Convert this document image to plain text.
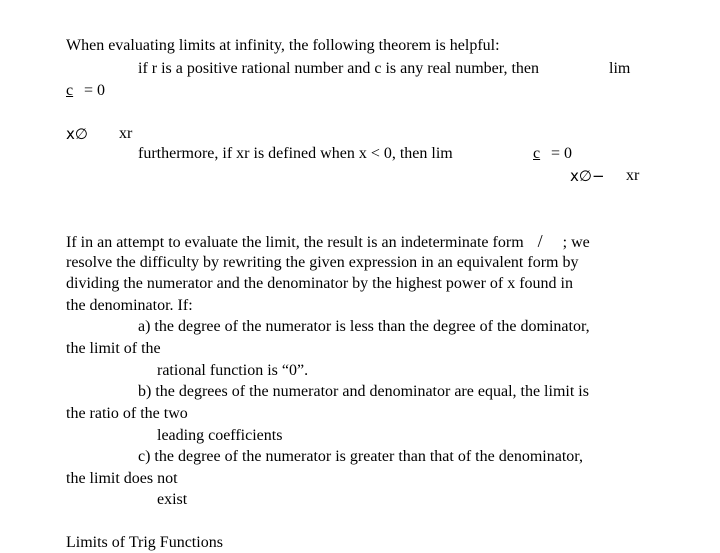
When evaluating limits at infinity, the following theorem is helpful:
if r is a positive rational number and c is any real number, then	lim
c = 0
x∅ xr
furthermore, if xr is defined when x < 0, then lim	c = 0
x∅− xr
If in an attempt to evaluate the limit, the result is an indeterminate form / ; we
resolve the difficulty by rewriting the given expression in an equivalent form by
dividing the numerator and the denominator by the highest power of x found in
the denominator. If:
a) the degree of the numerator is less than the degree of the dominator,
the limit of the
rational function is “0”.
b) the degrees of the numerator and denominator are equal, the limit is
the ratio of the two
leading coefficients
c) the degree of the numerator is greater than that of the denominator,
the limit does not
exist
Limits of Trig Functions
